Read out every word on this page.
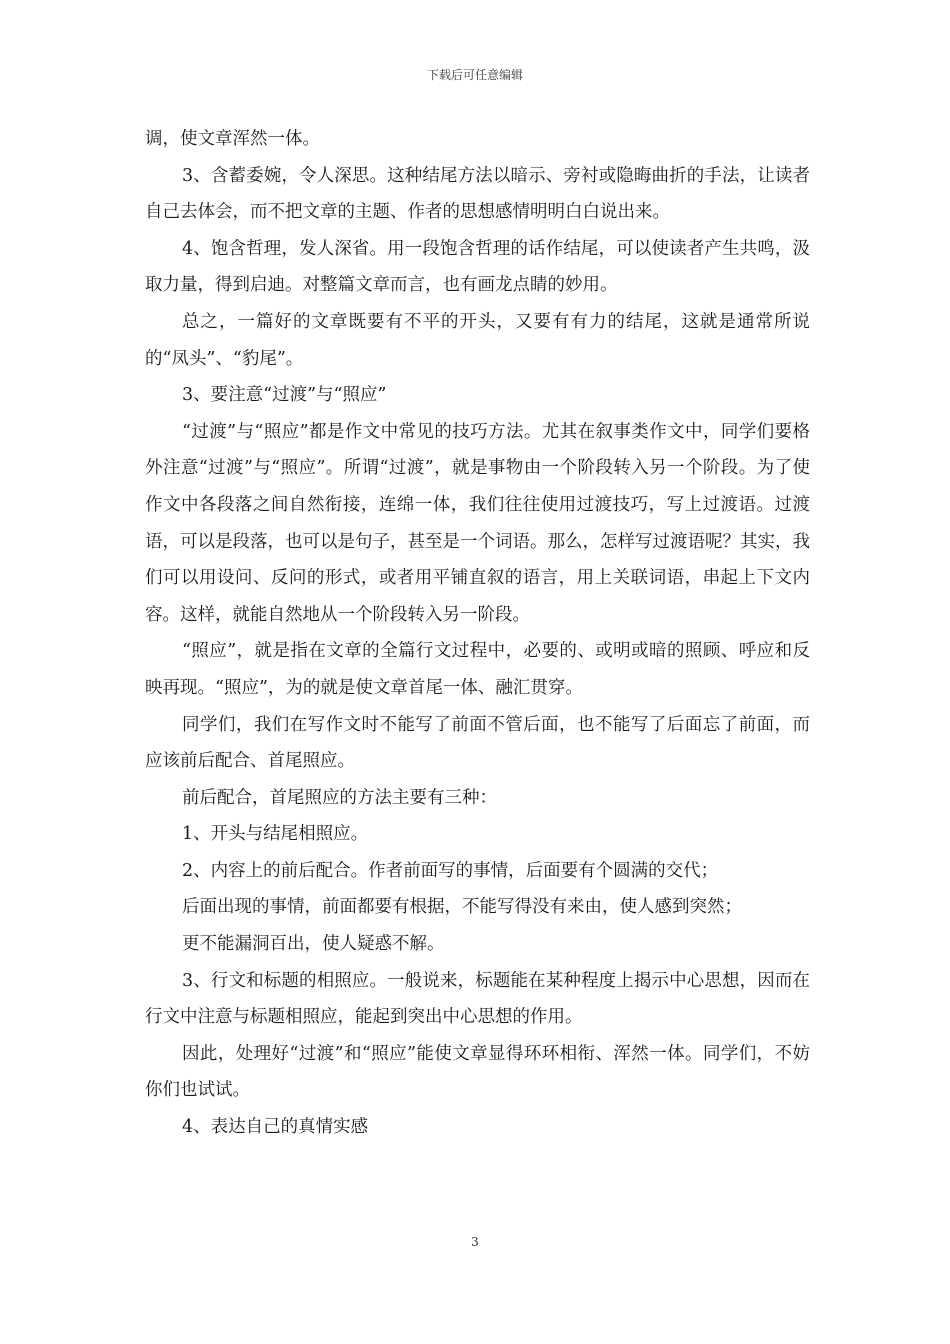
下载后可任意编辑

调，使文章浑然一体。

3、含蓄委婉，令人深思。这种结尾方法以暗示、旁衬或隐晦曲折的手法，让读者自己去体会，而不把文章的主题、作者的思想感情明明白白说出来。

4、饱含哲理，发人深省。用一段饱含哲理的话作结尾，可以使读者产生共鸣，汲取力量，得到启迪。对整篇文章而言，也有画龙点睛的妙用。

总之，一篇好的文章既要有不平的开头，又要有有力的结尾，这就是通常所说的“凤头”、“豹尾”。

3、要注意“过渡”与“照应”

“过渡”与“照应”都是作文中常见的技巧方法。尤其在叙事类作文中，同学们要格外注意“过渡”与“照应”。所谓“过渡”，就是事物由一个阶段转入另一个阶段。为了使作文中各段落之间自然衔接，连绵一体，我们往往使用过渡技巧，写上过渡语。过渡语，可以是段落，也可以是句子，甚至是一个词语。那么，怎样写过渡语呢？其实，我们可以用设问、反问的形式，或者用平铺直叙的语言，用上关联词语，串起上下文内容。这样，就能自然地从一个阶段转入另一阶段。

“照应”，就是指在文章的全篇行文过程中，必要的、或明或暗的照顾、呼应和反映再现。“照应”，为的就是使文章首尾一体、融汇贯穿。

同学们，我们在写作文时不能写了前面不管后面，也不能写了后面忘了前面，而应该前后配合、首尾照应。

前后配合，首尾照应的方法主要有三种：

1、开头与结尾相照应。

2、内容上的前后配合。作者前面写的事情，后面要有个圆满的交代；

后面出现的事情，前面都要有根据，不能写得没有来由，使人感到突然；

更不能漏洞百出，使人疑惑不解。

3、行文和标题的相照应。一般说来，标题能在某种程度上揭示中心思想，因而在行文中注意与标题相照应，能起到突出中心思想的作用。

因此，处理好“过渡”和“照应”能使文章显得环环相衔、浑然一体。同学们，不妨你们也试试。

4、表达自己的真情实感

3
